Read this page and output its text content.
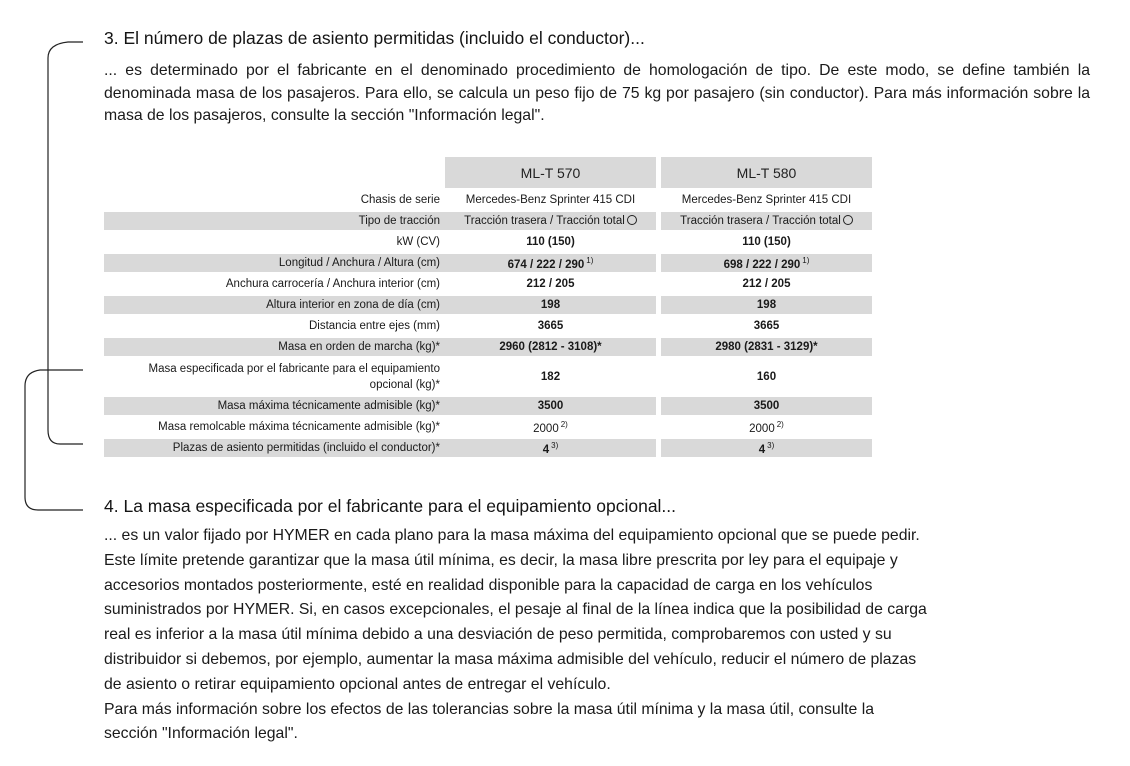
3. El número de plazas de asiento permitidas (incluido el conductor)...
... es determinado por el fabricante en el denominado procedimiento de homologación de tipo. De este modo, se define también la denominada masa de los pasajeros. Para ello, se calcula un peso fijo de 75 kg por pasajero (sin conductor). Para más información sobre la masa de los pasajeros, consulte la sección "Información legal".
	ML-T 570		ML-T 580
Chasis de serie	Mercedes-Benz Sprinter 415 CDI		Mercedes-Benz Sprinter 415 CDI
Tipo de tracción	Tracción trasera / Tracción total		Tracción trasera / Tracción total
kW (CV)	110 (150)		110 (150)
Longitud / Anchura / Altura (cm)	674 / 222 / 290 $^{1)}$		698 / 222 / 290 $^{1)}$
Anchura carrocería / Anchura interior (cm)	212 / 205		212 / 205
Altura interior en zona de día (cm)	198		198
Distancia entre ejes (mm)	3665		3665
Masa en orden de marcha (kg)*	2960 (2812 - 3108)*		2980 (2831 - 3129)*
Masa especificada por el fabricante para el equipamiento
opcional (kg)*	182		160
Masa máxima técnicamente admisible (kg)*	3500		3500
Masa remolcable máxima técnicamente admisible (kg)*	2000 $^{2)}$		2000 $^{2)}$
Plazas de asiento permitidas (incluido el conductor)*	4 $^{3)}$		4 $^{3)}$
4. La masa especificada por el fabricante para el equipamiento opcional...
... es un valor fijado por HYMER en cada plano para la masa máxima del equipamiento opcional que se puede pedir.
Este límite pretende garantizar que la masa útil mínima, es decir, la masa libre prescrita por ley para el equipaje y
accesorios montados posteriormente, esté en realidad disponible para la capacidad de carga en los vehículos
suministrados por HYMER. Si, en casos excepcionales, el pesaje al final de la línea indica que la posibilidad de carga
real es inferior a la masa útil mínima debido a una desviación de peso permitida, comprobaremos con usted y su
distribuidor si debemos, por ejemplo, aumentar la masa máxima admisible del vehículo, reducir el número de plazas
de asiento o retirar equipamiento opcional antes de entregar el vehículo.
Para más información sobre los efectos de las tolerancias sobre la masa útil mínima y la masa útil, consulte la
sección "Información legal".
